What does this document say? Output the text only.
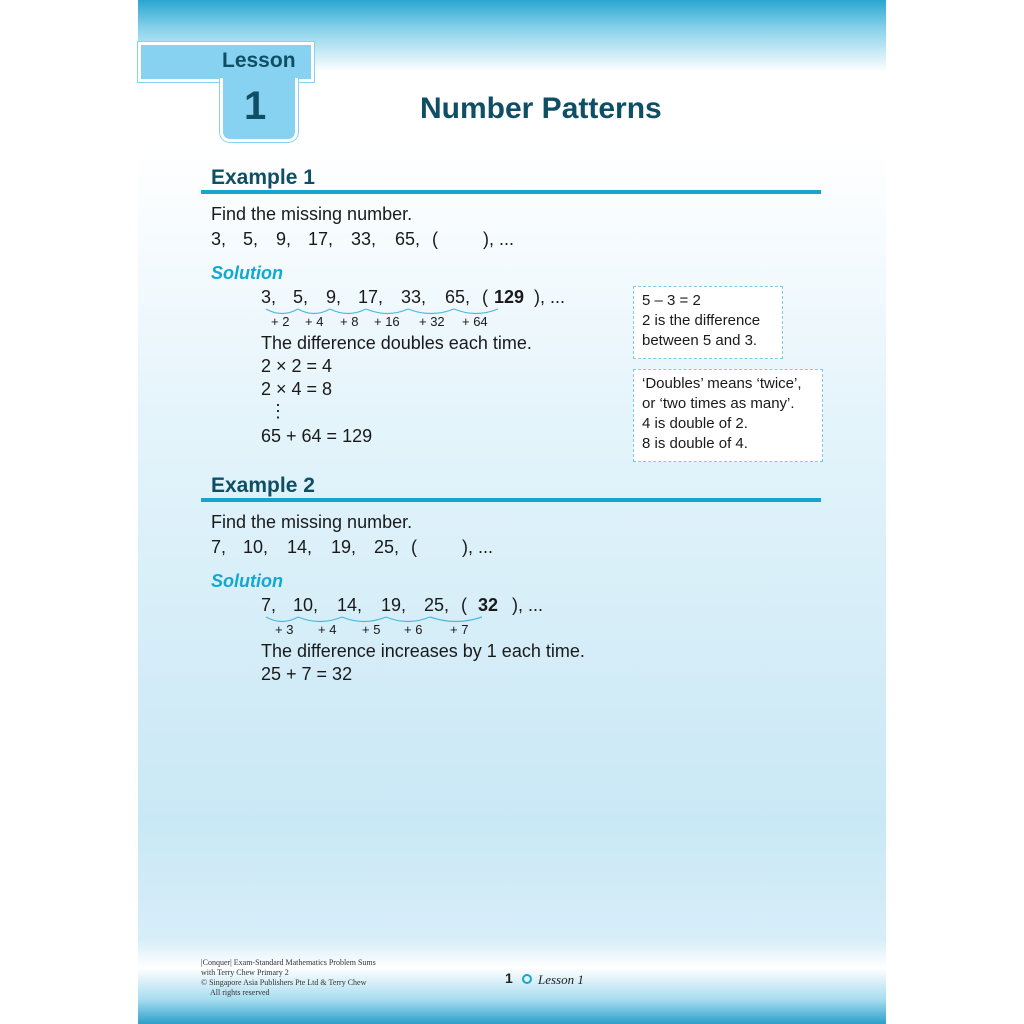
Lesson
1	Number Patterns
Example 1
Find the missing number.
3, 5, 9, 17, 33, 65, (	), ...
Solution
3, 5, 9, 17, 33, 65, ( 129 ), ...
+ 2 + 4 + 8 + 16 + 32 + 64
The difference doubles each time.
2 × 2 = 4
2 × 4 = 8
⋮
65 + 64 = 129
5 – 3 = 2
2 is the difference
between 5 and 3.
‘Doubles’ means ‘twice’,
or ‘two times as many’.
4 is double of 2.
8 is double of 4.
Example 2
Find the missing number.
7, 10, 14, 19, 25, (	), ...
Solution
7, 10, 14, 19, 25, ( 32 ), ...
+ 3 + 4 + 5 + 6 + 7
The difference increases by 1 each time.
25 + 7 = 32
|Conquer| Exam-Standard Mathematics Problem Sums
with Terry Chew Primary 2
© Singapore Asia Publishers Pte Ltd & Terry Chew
All rights reserved
1 Lesson 1
